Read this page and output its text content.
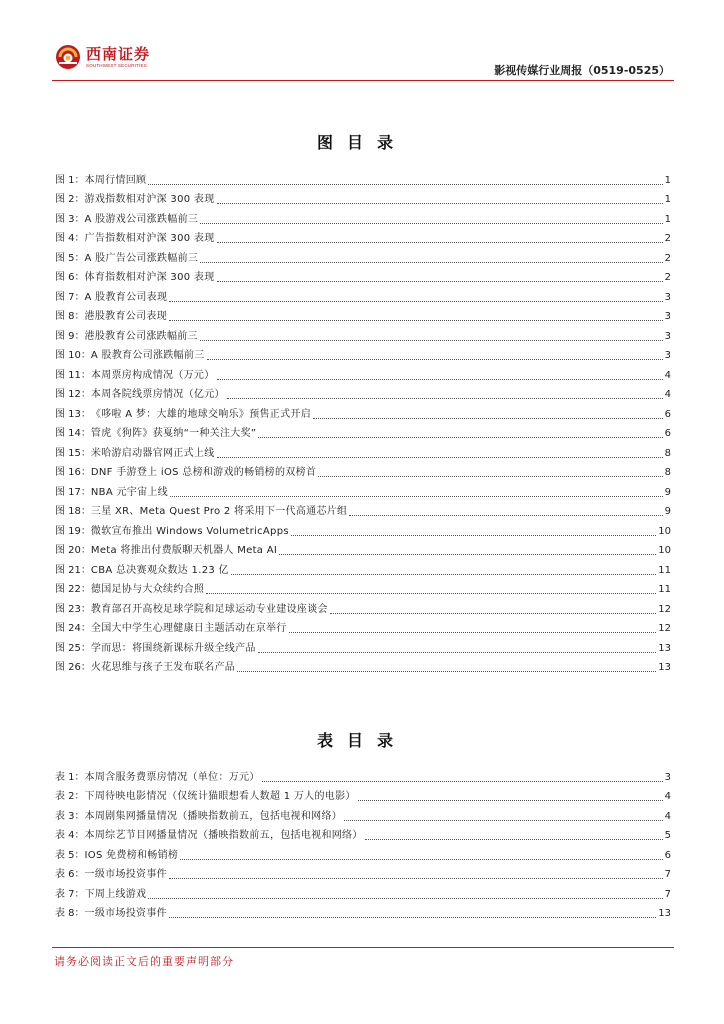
西南证券
SOUTHWEST SECURITIES	影视传媒行业周报（0519-0525）
图目录
图 1： 本周行情回顾	1
图 2： 游戏指数相对沪深 300 表现	1
图 3： A 股游戏公司涨跌幅前三	1
图 4： 广告指数相对沪深 300 表现	2
图 5： A 股广告公司涨跌幅前三	2
图 6： 体育指数相对沪深 300 表现	2
图 7： A 股教育公司表现	3
图 8： 港股教育公司表现	3
图 9： 港股教育公司涨跌幅前三	3
图 10： A 股教育公司涨跌幅前三	3
图 11： 本周票房构成情况（万元）	4
图 12： 本周各院线票房情况（亿元）	4
图 13： 《哆啦 A 梦：大雄的地球交响乐》预售正式开启	6
图 14： 管虎《狗阵》获戛纳“一种关注大奖”	6
图 15： 米哈游启动器官网正式上线	8
图 16： DNF 手游登上 iOS 总榜和游戏的畅销榜的双榜首	8
图 17： NBA 元宇宙上线	9
图 18： 三星 XR、Meta Quest Pro 2 将采用下一代高通芯片组	9
图 19： 微软宣布推出 Windows VolumetricApps	10
图 20： Meta 将推出付费版聊天机器人 Meta AI	10
图 21： CBA 总决赛观众数达 1.23 亿	11
图 22： 德国足协与大众续约合照	11
图 23： 教育部召开高校足球学院和足球运动专业建设座谈会	12
图 24： 全国大中学生心理健康日主题活动在京举行	12
图 25： 学而思：将围绕新课标升级全线产品	13
图 26： 火花思维与孩子王发布联名产品	13
表目录
表 1： 本周含服务费票房情况（单位：万元）	3
表 2： 下周待映电影情况（仅统计猫眼想看人数超 1 万人的电影）	4
表 3： 本周剧集网播量情况（播映指数前五，包括电视和网络）	4
表 4： 本周综艺节目网播量情况（播映指数前五，包括电视和网络）	5
表 5： IOS 免费榜和畅销榜	6
表 6： 一级市场投资事件	7
表 7： 下周上线游戏	7
表 8： 一级市场投资事件	13
请务必阅读正文后的重要声明部分
